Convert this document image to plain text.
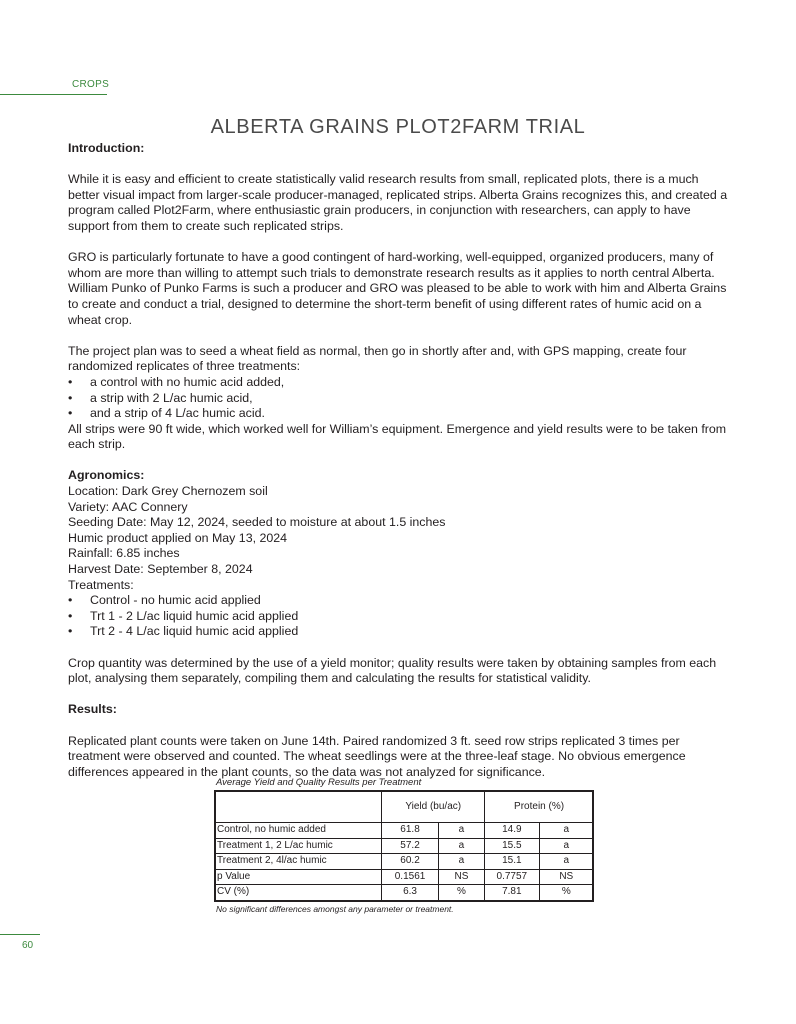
CROPS
ALBERTA GRAINS PLOT2FARM TRIAL

Introduction:

While it is easy and efficient to create statistically valid research results from small, replicated plots, there is a much better visual impact from larger-scale producer-managed, replicated strips. Alberta Grains recognizes this, and created a program called Plot2Farm, where enthusiastic grain producers, in conjunction with researchers, can apply to have support from them to create such replicated strips.

GRO is particularly fortunate to have a good contingent of hard-working, well-equipped, organized producers, many of whom are more than willing to attempt such trials to demonstrate research results as it applies to north central Alberta. William Punko of Punko Farms is such a producer and GRO was pleased to be able to work with him and Alberta Grains to create and conduct a trial, designed to determine the short-term benefit of using different rates of humic acid on a wheat crop.

The project plan was to seed a wheat field as normal, then go in shortly after and, with GPS mapping, create four randomized replicates of three treatments:

•	a control with no humic acid added,
•	a strip with 2 L/ac humic acid,
•	and a strip of 4 L/ac humic acid.

All strips were 90 ft wide, which worked well for William’s equipment. Emergence and yield results were to be taken from each strip.

Agronomics:

Location: Dark Grey Chernozem soil

Variety: AAC Connery

Seeding Date: May 12, 2024, seeded to moisture at about 1.5 inches

Humic product applied on May 13, 2024

Rainfall: 6.85 inches

Harvest Date: September 8, 2024

Treatments:

•	Control - no humic acid applied
•	Trt 1 - 2 L/ac liquid humic acid applied
•	Trt 2 - 4 L/ac liquid humic acid applied

Crop quantity was determined by the use of a yield monitor; quality results were taken by obtaining samples from each plot, analysing them separately, compiling them and calculating the results for statistical validity.

Results:

Replicated plant counts were taken on June 14th. Paired randomized 3 ft. seed row strips replicated 3 times per treatment were observed and counted. The wheat seedlings were at the three-leaf stage. No obvious emergence differences appeared in the plant counts, so the data was not analyzed for significance.

Average Yield and Quality Results per Treatment
	Yield (bu/ac)		Protein (%)	
Control, no humic added	61.8	a	14.9	a
Treatment 1, 2 L/ac humic	57.2	a	15.5	a
Treatment 2, 4l/ac humic	60.2	a	15.1	a
p Value	0.1561	NS	0.7757	NS
CV (%)	6.3	%	7.81	%
No significant differences amongst any parameter or treatment.
60
